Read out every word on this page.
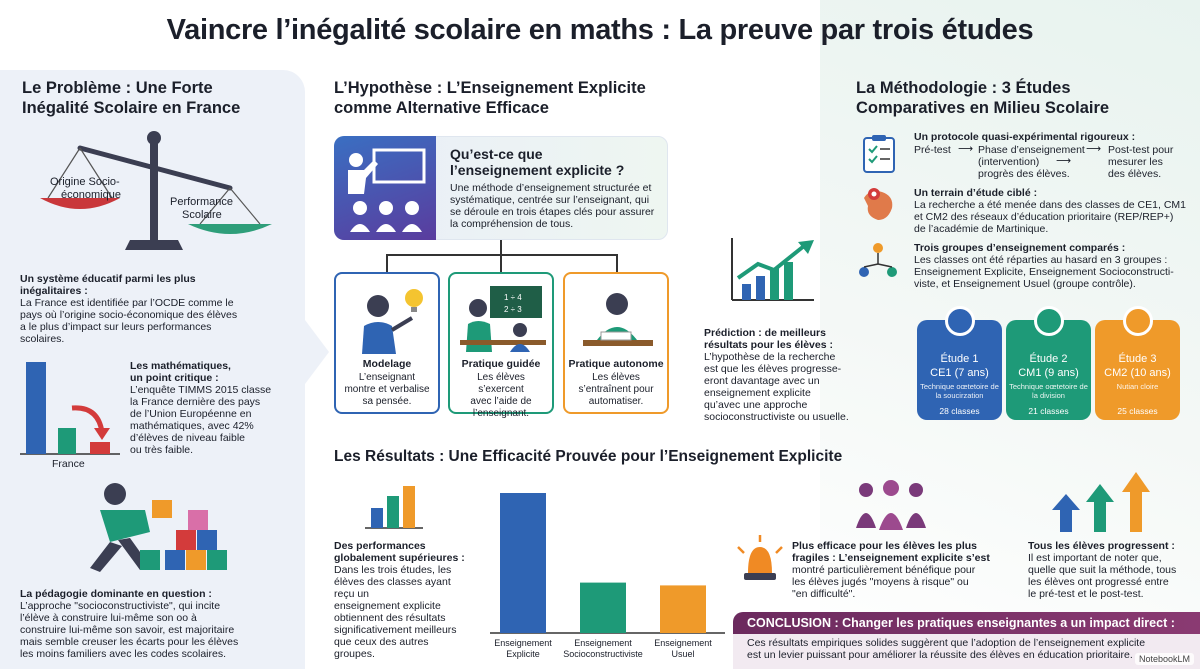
Vaincre l’inégalité scolaire en maths : La preuve par trois études
Le Problème : Une Forte
Inégalité Scolaire en France
Origine Socio-
économique
Performance
Scolaire
Un système éducatif parmi les plus
inégalitaires :
La France est identifiée par l’OCDE comme le
pays où l’origine socio-économique des élèves
a le plus d’impact sur leurs performances
scolaires.
France
Les mathématiques,
un point critique :
L’enquête TIMMS 2015 classe
la France dernière des pays
de l’Union Européenne en
mathématiques, avec 42%
d’élèves de niveau faible
ou très faible.
La pédagogie dominante en question :
L’approche "socioconstructiviste", qui incite
l’élève à construire lui-même son oo à
construire lui-même son savoir, est majoritaire
mais semble creuser les écarts pour les élèves
les moins familiers avec les codes scolaires.
L’Hypothèse : L’Enseignement Explicite
comme Alternative Efficace
Qu’est-ce que
l’enseignement explicite ?
Une méthode d’enseignement structurée et
systématique, centrée sur l’enseignant, qui
se déroule en trois étapes clés pour assurer
la compréhension de tous.
Modelage
L’enseignant
montre et verbalise
sa pensée.
1 ÷ 4
2 ÷ 3
Pratique guidée
Les élèves s’exercent
avec l’aide de
l’enseignant.
Pratique autonome
Les élèves
s’entraînent pour
automatiser.
Prédiction : de meilleurs
résultats pour les élèves :
L’hypothèse de la recherche
est que les élèves progresse-
eront davantage avec un
enseignement explicite
qu’avec une approche
socioconstructiviste ou usuelle.
La Méthodologie : 3 Études
Comparatives en Milieu Scolaire
Un protocole quasi-expérimental rigoureux :
Pré-test ⟶ Phase d’enseignement
(intervention) ⟶
progrès des élèves.
⟶ Post-test pour
mesurer les
des élèves.
Un terrain d’étude ciblé :
La recherche a été menée dans des classes de CE1, CM1
et CM2 des réseaux d’éducation prioritaire (REP/REP+)
de l’académie de Martinique.
Trois groupes d’enseignement comparés :
Les classes ont été réparties au hasard en 3 groupes :
Enseignement Explicite, Enseignement Socioconstructi-
viste, et Enseignement Usuel (groupe contrôle).
Étude 1
CE1 (7 ans)
Technique oœtetoire de la soucirzation
28 classes
Étude 2
CM1 (9 ans)
Technique oœtetoire de la division
21 classes
Étude 3
CM2 (10 ans)
Nutian cloire
25 classes
Les Résultats : Une Efficacité Prouvée pour l’Enseignement Explicite
Des performances
globalement supérieures :
Dans les trois études, les
élèves des classes ayant
reçu un
enseignement explicite
obtiennent des résultats
significativement meilleurs
que ceux des autres
groupes.
Enseignement
Explicite
Enseignement
Socioconstructiviste
Enseignement
Usuel
Plus efficace pour les élèves les plus
fragiles : L’enseignement explicite s’est
montré particulièrement bénéfique pour
les élèves jugés "moyens à risque" ou
"en difficulté".
Tous les élèves progressent :
Il est important de noter que,
quelle que suit la méthode, tous
les élèves ont progressé entre
le pré-test et le post-test.
CONCLUSION : Changer les pratiques enseignantes a un impact direct :
Ces résultats empiriques solides suggèrent que l’adoption de l’enseignement explicite
est un levier puissant pour améliorer la réussite des élèves en éducation prioritaire. NotebookLM
